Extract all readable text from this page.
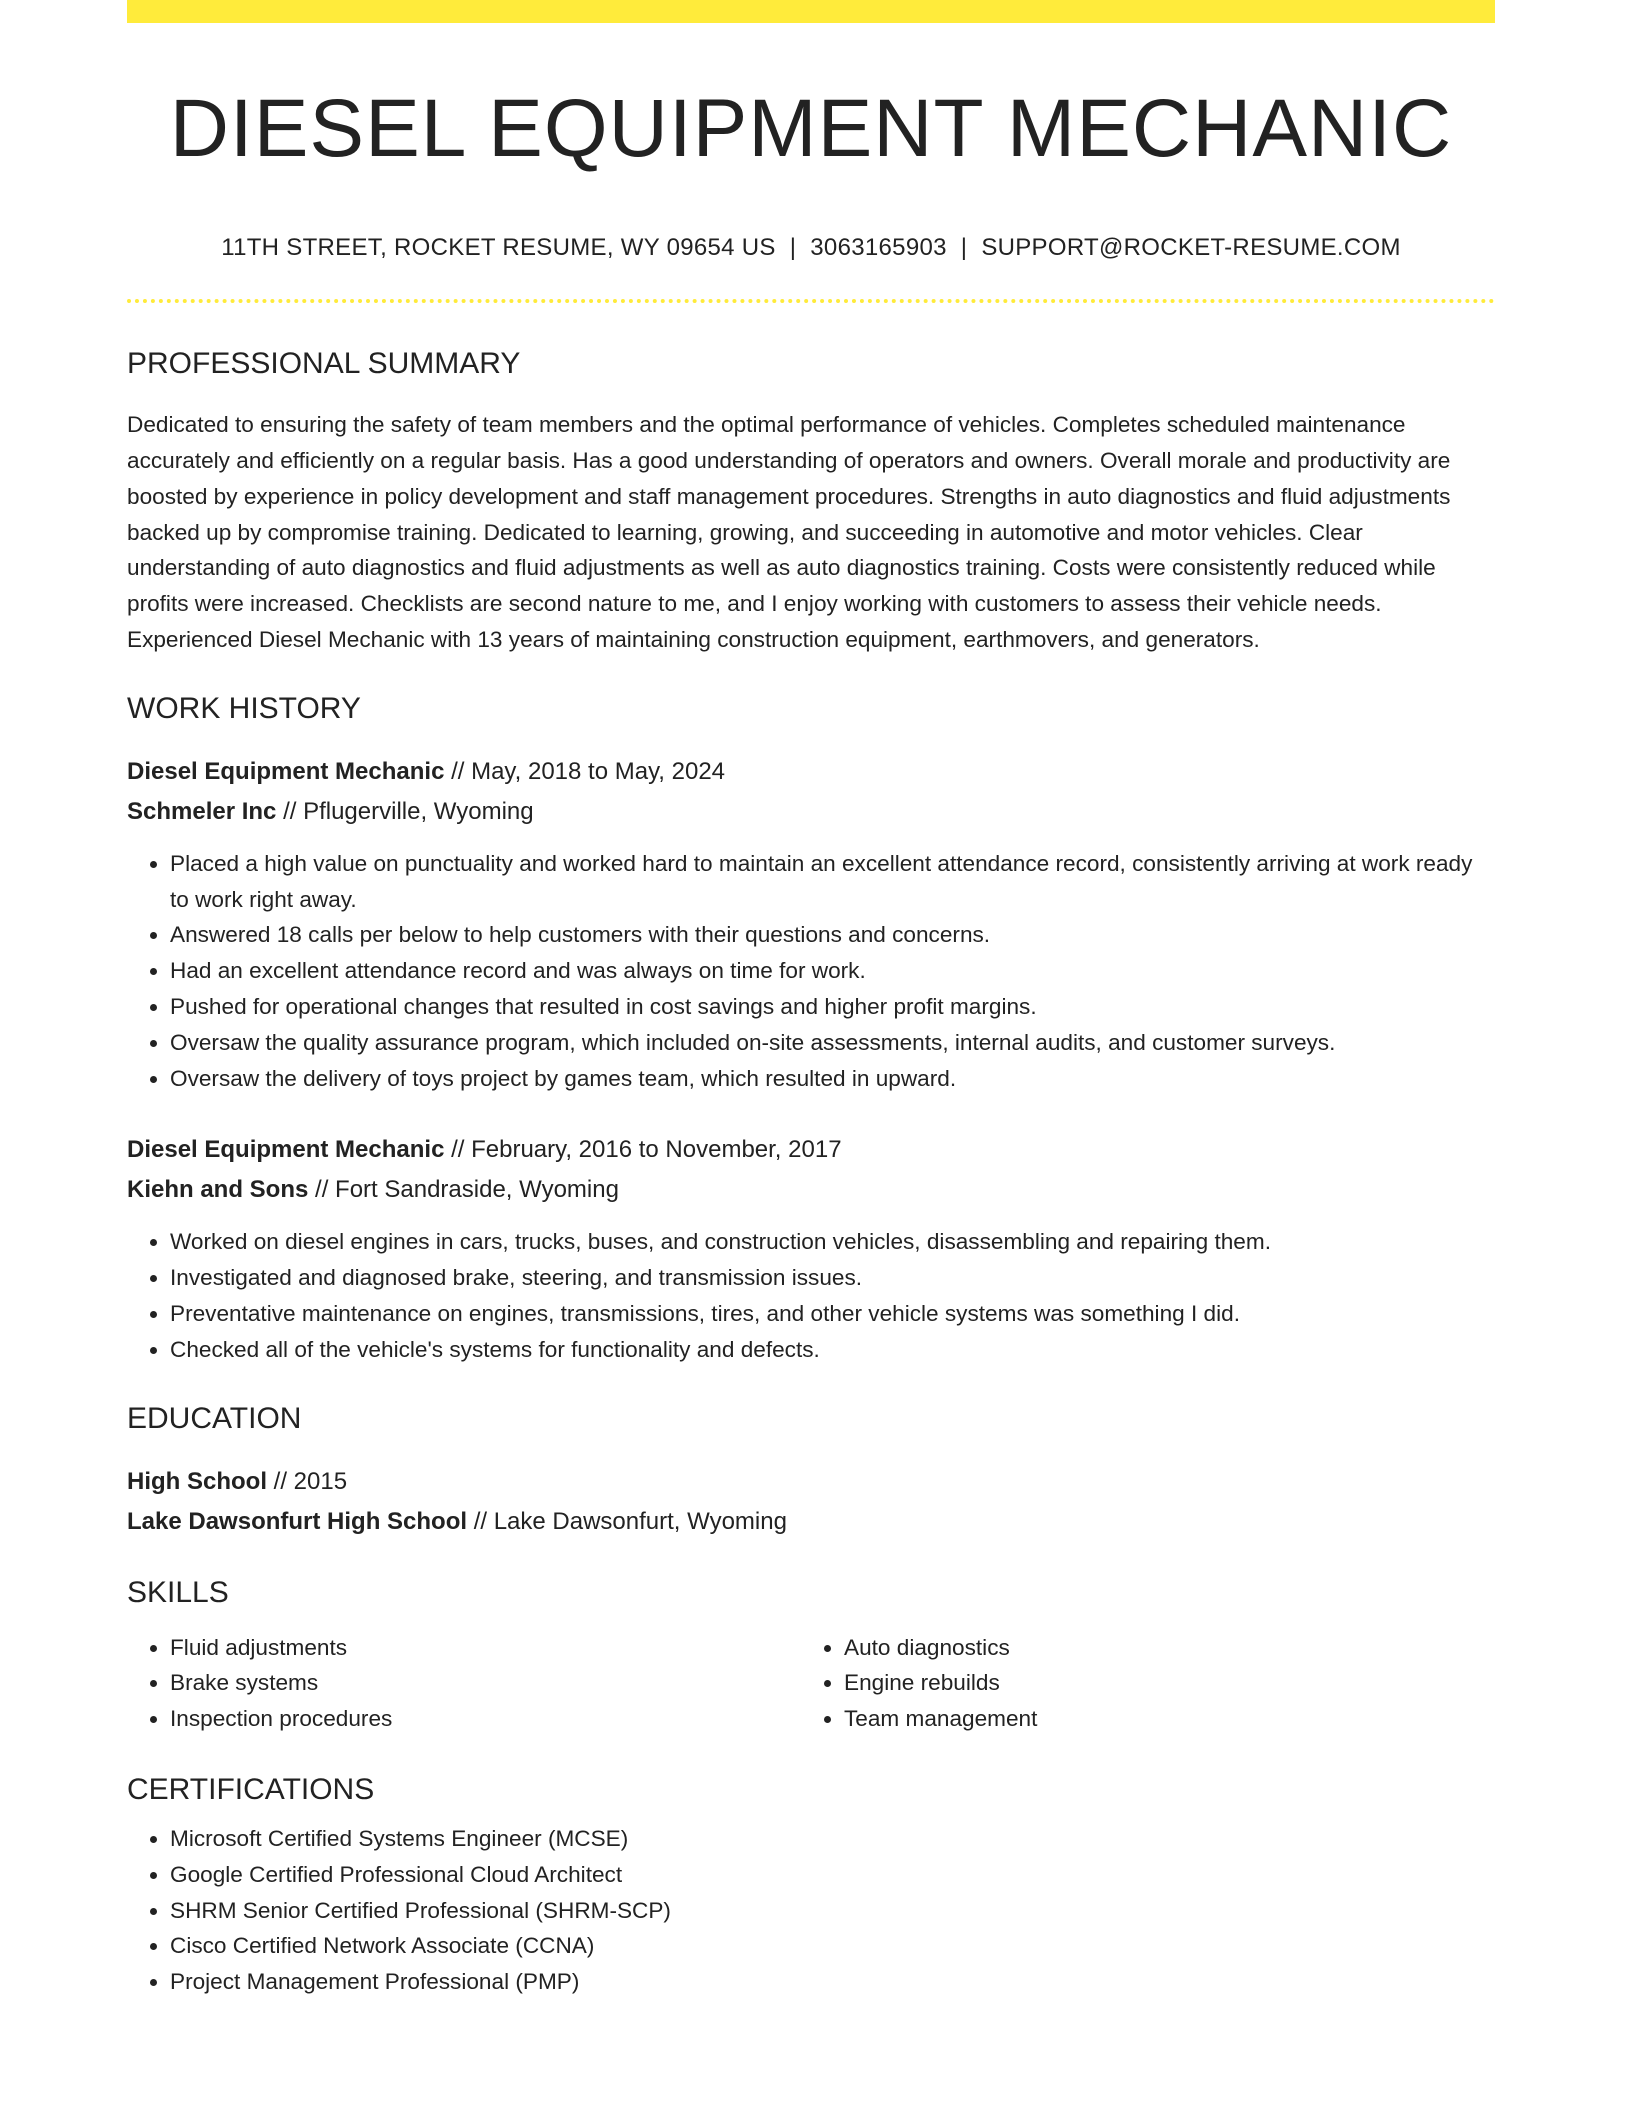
DIESEL EQUIPMENT MECHANIC
11TH STREET, ROCKET RESUME, WY 09654 US | 3063165903 | SUPPORT@ROCKET-RESUME.COM
PROFESSIONAL SUMMARY

Dedicated to ensuring the safety of team members and the optimal performance of vehicles. Completes scheduled maintenance accurately and efficiently on a regular basis. Has a good understanding of operators and owners. Overall morale and productivity are boosted by experience in policy development and staff management procedures. Strengths in auto diagnostics and fluid adjustments backed up by compromise training. Dedicated to learning, growing, and succeeding in automotive and motor vehicles. Clear understanding of auto diagnostics and fluid adjustments as well as auto diagnostics training. Costs were consistently reduced while profits were increased. Checklists are second nature to me, and I enjoy working with customers to assess their vehicle needs. Experienced Diesel Mechanic with 13 years of maintaining construction equipment, earthmovers, and generators.

WORK HISTORY
Diesel Equipment Mechanic // May, 2018 to May, 2024
Schmeler Inc // Pflugerville, Wyoming
• Placed a high value on punctuality and worked hard to maintain an excellent attendance record, consistently arriving at work ready to work right away.
• Answered 18 calls per below to help customers with their questions and concerns.
• Had an excellent attendance record and was always on time for work.
• Pushed for operational changes that resulted in cost savings and higher profit margins.
• Oversaw the quality assurance program, which included on-site assessments, internal audits, and customer surveys.
• Oversaw the delivery of toys project by games team, which resulted in upward.
Diesel Equipment Mechanic // February, 2016 to November, 2017
Kiehn and Sons // Fort Sandraside, Wyoming
• Worked on diesel engines in cars, trucks, buses, and construction vehicles, disassembling and repairing them.
• Investigated and diagnosed brake, steering, and transmission issues.
• Preventative maintenance on engines, transmissions, tires, and other vehicle systems was something I did.
• Checked all of the vehicle's systems for functionality and defects.
EDUCATION
High School // 2015
Lake Dawsonfurt High School // Lake Dawsonfurt, Wyoming
SKILLS
• Fluid adjustments
• Brake systems
• Inspection procedures
• Auto diagnostics
• Engine rebuilds
• Team management
CERTIFICATIONS
• Microsoft Certified Systems Engineer (MCSE)
• Google Certified Professional Cloud Architect
• SHRM Senior Certified Professional (SHRM-SCP)
• Cisco Certified Network Associate (CCNA)
• Project Management Professional (PMP)
